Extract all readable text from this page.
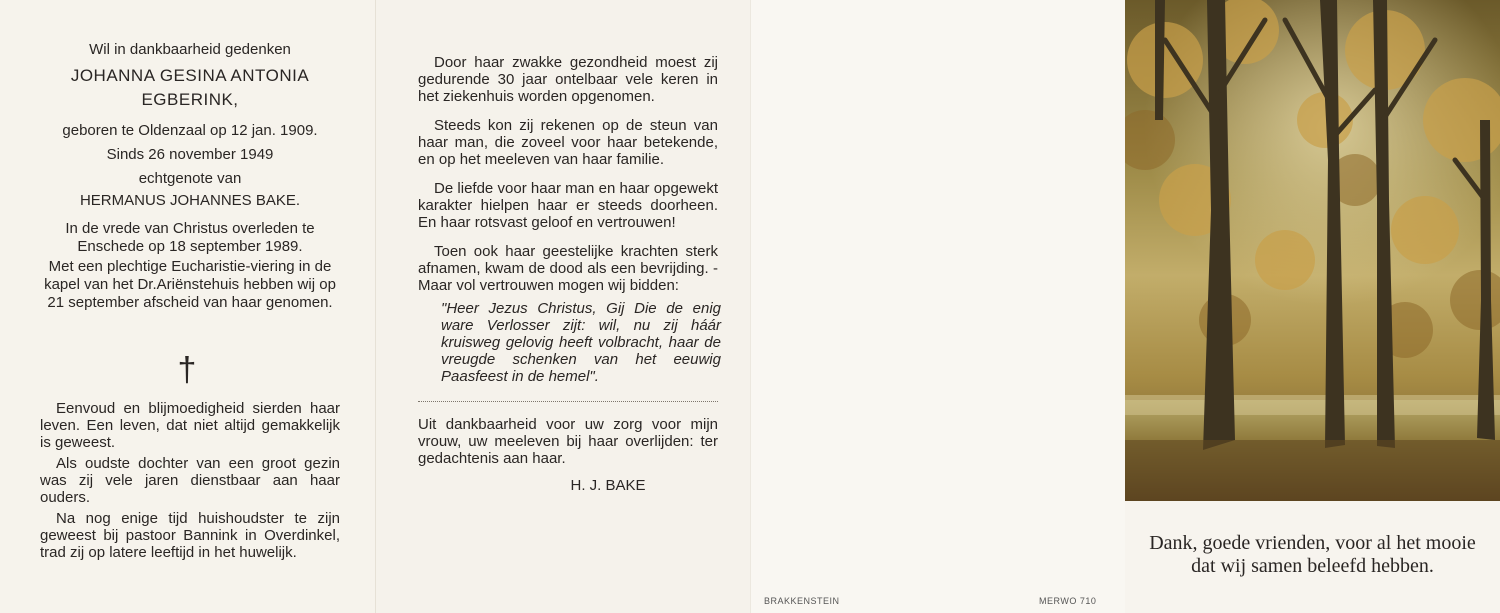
Wil in dankbaarheid gedenken

JOHANNA GESINA ANTONIA

EGBERINK,

geboren te Oldenzaal op 12 jan. 1909.

Sinds 26 november 1949

echtgenote van

HERMANUS JOHANNES BAKE.

In de vrede van Christus overleden te Enschede op 18 september 1989.

Met een plechtige Eucharistie-viering in de kapel van het Dr.Ariënstehuis hebben wij op 21 september afscheid van haar genomen.

†

Eenvoud en blijmoedigheid sierden haar leven. Een leven, dat niet altijd gemakkelijk is geweest.

Als oudste dochter van een groot gezin was zij vele jaren dienstbaar aan haar ouders.

Na nog enige tijd huishoudster te zijn geweest bij pastoor Bannink in Overdinkel, trad zij op latere leeftijd in het huwelijk.

Door haar zwakke gezondheid moest zij gedurende 30 jaar ontelbaar vele keren in het ziekenhuis worden opgenomen.

Steeds kon zij rekenen op de steun van haar man, die zoveel voor haar betekende, en op het meeleven van haar familie.

De liefde voor haar man en haar opgewekt karakter hielpen haar er steeds doorheen. En haar rotsvast geloof en vertrouwen!

Toen ook haar geestelijke krachten sterk afnamen, kwam de dood als een bevrijding. - Maar vol vertrouwen mogen wij bidden:

"Heer Jezus Christus, Gij Die de enig ware Verlosser zijt: wil, nu zij háár kruisweg gelovig heeft volbracht, haar de vreugde schenken van het eeuwig Paasfeest in de hemel".

Uit dankbaarheid voor uw zorg voor mijn vrouw, uw meeleven bij haar overlijden: ter gedachtenis aan haar.

H. J. BAKE

BRAKKENSTEIN	MERWO 710
Dank, goede vrienden, voor al het mooie
dat wij samen beleefd hebben.
